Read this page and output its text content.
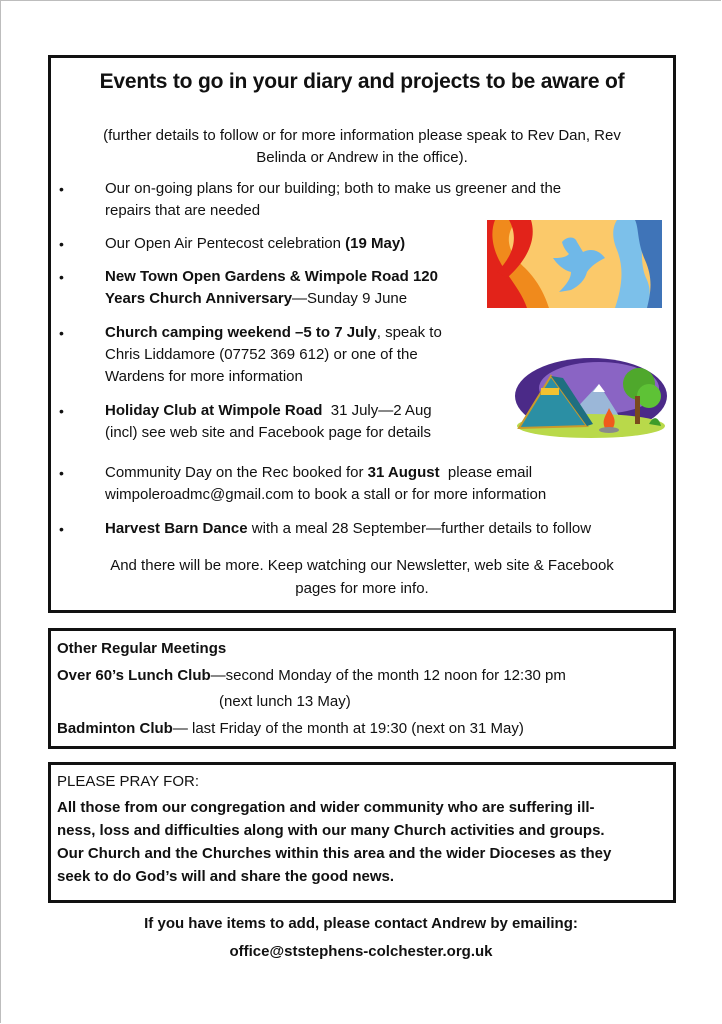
Events to go in your diary and projects to be aware of
(further details to follow or for more information please speak to Rev Dan, Rev
Belinda or Andrew in the office).
•	Our on-going plans for our building; both to make us greener and the
repairs that are needed
•	Our Open Air Pentecost celebration (19 May)
•	New Town Open Gardens & Wimpole Road 120
Years Church Anniversary—Sunday 9 June
•	Church camping weekend –5 to 7 July, speak to
Chris Liddamore (07752 369 612) or one of the
Wardens for more information
•	Holiday Club at Wimpole Road  31 July—2 Aug
(incl) see web site and Facebook page for details
•	Community Day on the Rec booked for 31 August  please email
wimpoleroadmc@gmail.com to book a stall or for more information
•	Harvest Barn Dance with a meal 28 September—further details to follow
And there will be more. Keep watching our Newsletter, web site & Facebook
pages for more info.
Other Regular Meetings
Over 60’s Lunch Club—second Monday of the month 12 noon for 12:30 pm
(next lunch 13 May)
Badminton Club— last Friday of the month at 19:30 (next on 31 May)
PLEASE PRAY FOR:
All those from our congregation and wider community who are suffering ill-
ness, loss and difficulties along with our many Church activities and groups.
Our Church and the Churches within this area and the wider Dioceses as they
seek to do God’s will and share the good news.
If you have items to add, please contact Andrew by emailing:
office@ststephens-colchester.org.uk
